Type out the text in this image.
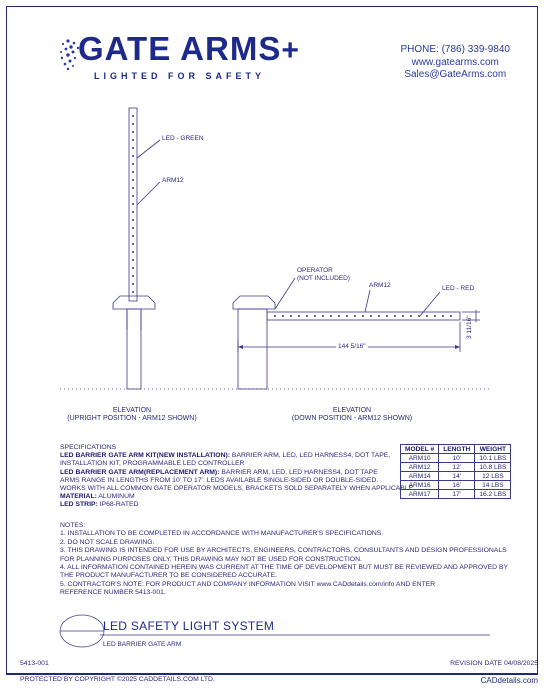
GATE ARMS+
LIGHTED FOR SAFETY
PHONE: (786) 339-9840
www.gatearms.com
Sales@GateArms.com
LED - GREEN
ARM12
OPERATOR
(NOT INCLUDED)
ARM12	LED - RED
144 5/16"
3 11/16"
ELEVATION
(UPRIGHT POSITION - ARM12 SHOWN)
ELEVATION
(DOWN POSITION - ARM12 SHOWN)
SPECIFICATIONS
LED BARRIER GATE ARM KIT(NEW INSTALLATION): BARRIER ARM, LED, LED HARNESS4, DOT TAPE,
INSTALLATION KIT, PROGRAMMABLE LED CONTROLLER
LED BARRIER GATE ARM(REPLACEMENT ARM): BARRIER ARM, LED, LED HARNESS4, DOT TAPE
ARMS RANGE IN LENGTHS FROM 10' TO 17'. LEDS AVAILABLE SINGLE-SIDED OR DOUBLE-SIDED.
WORKS WITH ALL COMMON GATE OPERATOR MODELS. BRACKETS SOLD SEPARATELY WHEN APPLICABLE.
MATERIAL: ALUMINUM
LED STRIP: IP68-RATED
MODEL #	LENGTH	WEIGHT
ARM10	10'	10.1 LBS
ARM12	12'	10.8 LBS
ARM14	14'	12 LBS
ARM16	16'	14 LBS
ARM17	17'	16.2 LBS
NOTES:
1. INSTALLATION TO BE COMPLETED IN ACCORDANCE WITH MANUFACTURER'S SPECIFICATIONS.
2. DO NOT SCALE DRAWING.
3. THIS DRAWING IS INTENDED FOR USE BY ARCHITECTS, ENGINEERS, CONTRACTORS, CONSULTANTS AND DESIGN PROFESSIONALS
FOR PLANNING PURPOSES ONLY. THIS DRAWING MAY NOT BE USED FOR CONSTRUCTION.
4. ALL INFORMATION CONTAINED HEREIN WAS CURRENT AT THE TIME OF DEVELOPMENT BUT MUST BE REVIEWED AND APPROVED BY
THE PRODUCT MANUFACTURER TO BE CONSIDERED ACCURATE.
5. CONTRACTOR'S NOTE: FOR PRODUCT AND COMPANY INFORMATION VISIT www.CADdetails.com/info AND ENTER
REFERENCE NUMBER 5413-001.
LED SAFETY LIGHT SYSTEM
LED BARRIER GATE ARM
5413-001	REVISION DATE 04/08/2025
PROTECTED BY COPYRIGHT ©2025 CADDETAILS.COM LTD.	CADdetails.com
